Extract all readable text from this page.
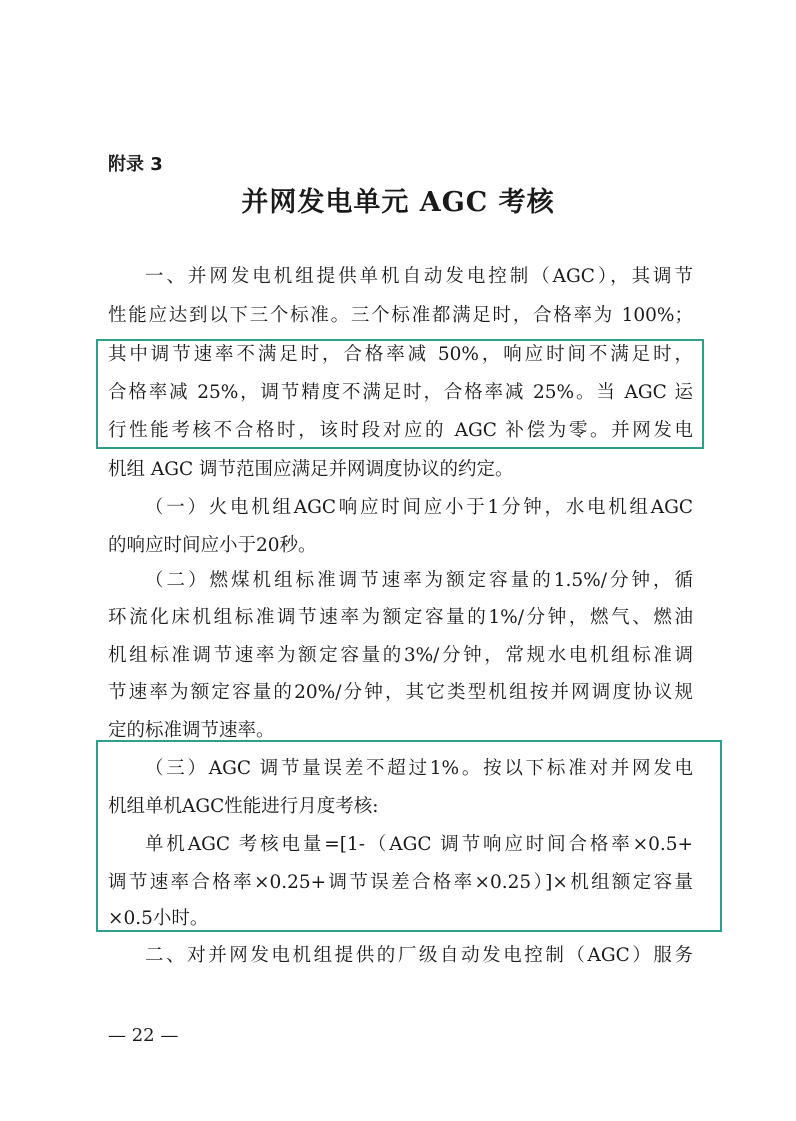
附录 3
并网发电单元 AGC 考核
一、并网发电机组提供单机自动发电控制（AGC），其调节
性能应达到以下三个标准。三个标准都满足时，合格率为 100%；
其中调节速率不满足时，合格率减 50%，响应时间不满足时，
合格率减 25%，调节精度不满足时，合格率减 25%。当 AGC 运
行性能考核不合格时，该时段对应的 AGC 补偿为零。并网发电
机组 AGC 调节范围应满足并网调度协议的约定。
（一）火电机组AGC响应时间应小于1分钟，水电机组AGC
的响应时间应小于20秒。
（二）燃煤机组标准调节速率为额定容量的1.5%/分钟，循
环流化床机组标准调节速率为额定容量的1%/分钟，燃气、燃油
机组标准调节速率为额定容量的3%/分钟，常规水电机组标准调
节速率为额定容量的20%/分钟，其它类型机组按并网调度协议规
定的标准调节速率。
（三）AGC 调节量误差不超过1%。按以下标准对并网发电
机组单机AGC性能进行月度考核:
单机AGC 考核电量=[1-（AGC 调节响应时间合格率×0.5+
调节速率合格率×0.25+调节误差合格率×0.25）]×机组额定容量
×0.5小时。
二、对并网发电机组提供的厂级自动发电控制（AGC）服务
— 22 —
